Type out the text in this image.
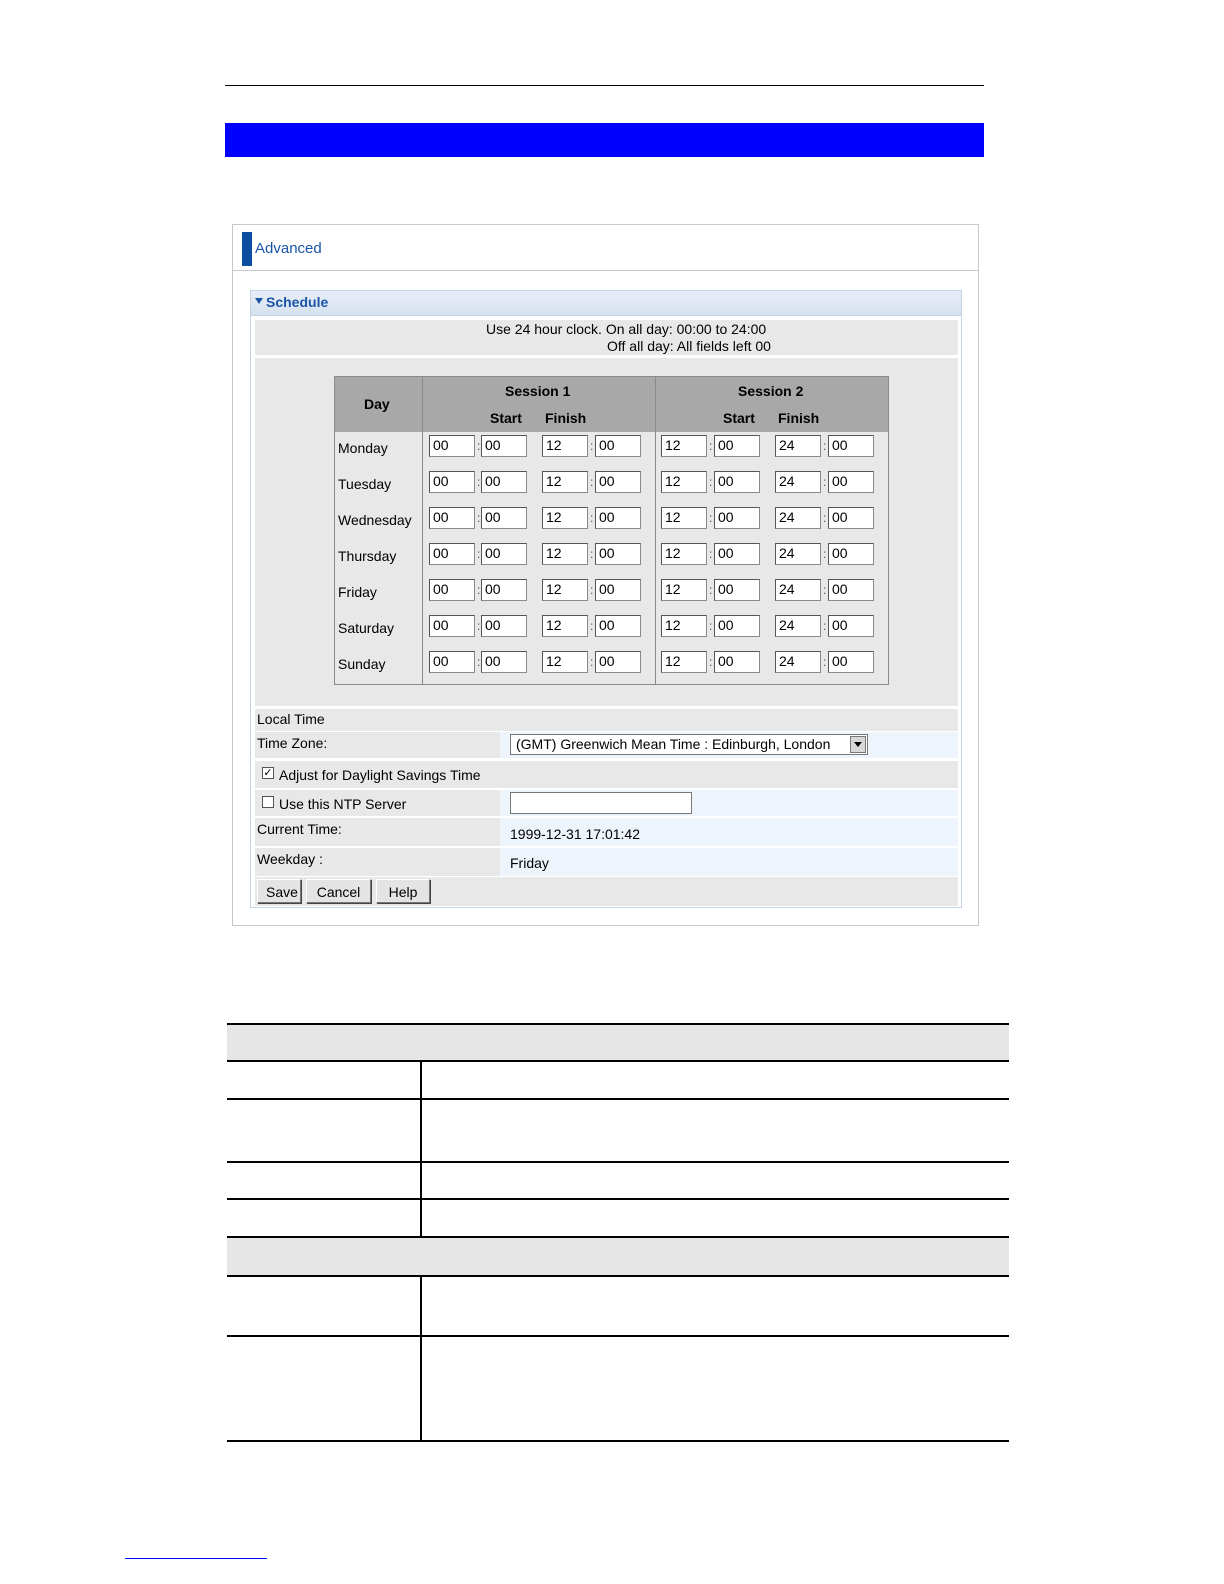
Advanced
Schedule
Use 24 hour clock. On all day: 00:00 to 24:00
Off all day: All fields left 00
Day
Session 1
Start Finish
Session 2
Start Finish
Monday	00	: 00	12	: 00	12	: 00	24	: 00
Tuesday	00	: 00	12	: 00	12	: 00	24	: 00
Wednesday 00	: 00	12	: 00	12	: 00	24	: 00
Thursday	00	: 00	12	: 00	12	: 00	24	: 00
Friday	00	: 00	12	: 00	12	: 00	24	: 00
Saturday	00	: 00	12	: 00	12	: 00	24	: 00
Sunday	00	: 00	12	: 00	12	: 00	24	: 00
Local Time
Time Zone:	(GMT) Greenwich Mean Time : Edinburgh, London
✓ Adjust for Daylight Savings Time
Use this NTP Server
Current Time:	1999-12-31 17:01:42
Weekday :	Friday
Save	Cancel	Help
